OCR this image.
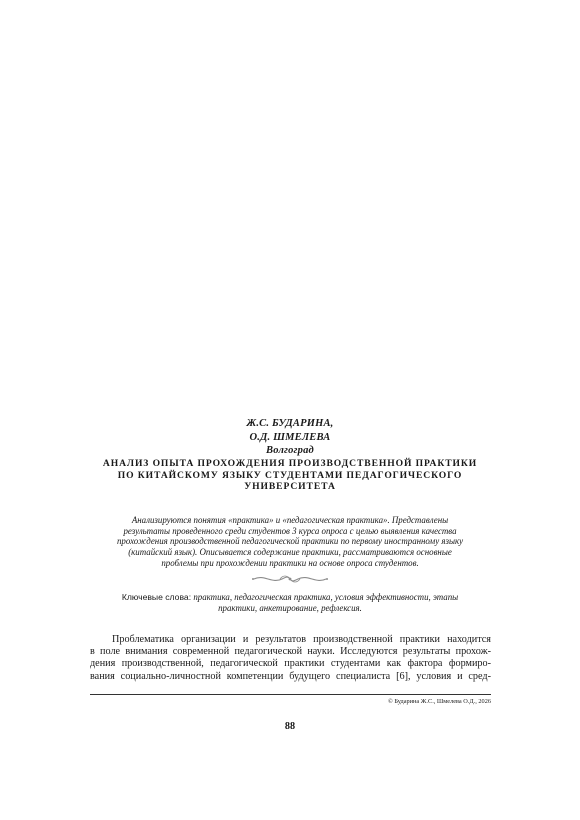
Ж.С. БУДАРИНА,
О.Д. ШМЕЛЕВА
Волгоград
АНАЛИЗ ОПЫТА ПРОХОЖДЕНИЯ ПРОИЗВОДСТВЕННОЙ ПРАКТИКИ
ПО КИТАЙСКОМУ ЯЗЫКУ СТУДЕНТАМИ ПЕДАГОГИЧЕСКОГО
УНИВЕРСИТЕТА
Анализируются понятия «практика» и «педагогическая практика». Представлены
результаты проведенного среди студентов 3 курса опроса с целью выявления качества
прохождения производственной педагогической практики по первому иностранному языку
(китайский язык). Описывается содержание практики, рассматриваются основные
проблемы при прохождении практики на основе опроса студентов.
Ключевые слова: практика, педагогическая практика, условия эффективности, этапы
практики, анкетирование, рефлексия.
Проблематика организации и результатов производственной практики находится
в поле внимания современной педагогической науки. Исследуются результаты прохож-
дения производственной, педагогической практики студентами как фактора формиро-
вания социально-личностной компетенции будущего специалиста [6], условия и сред-
© Бударина Ж.С., Шмелева О.Д., 2026
88
